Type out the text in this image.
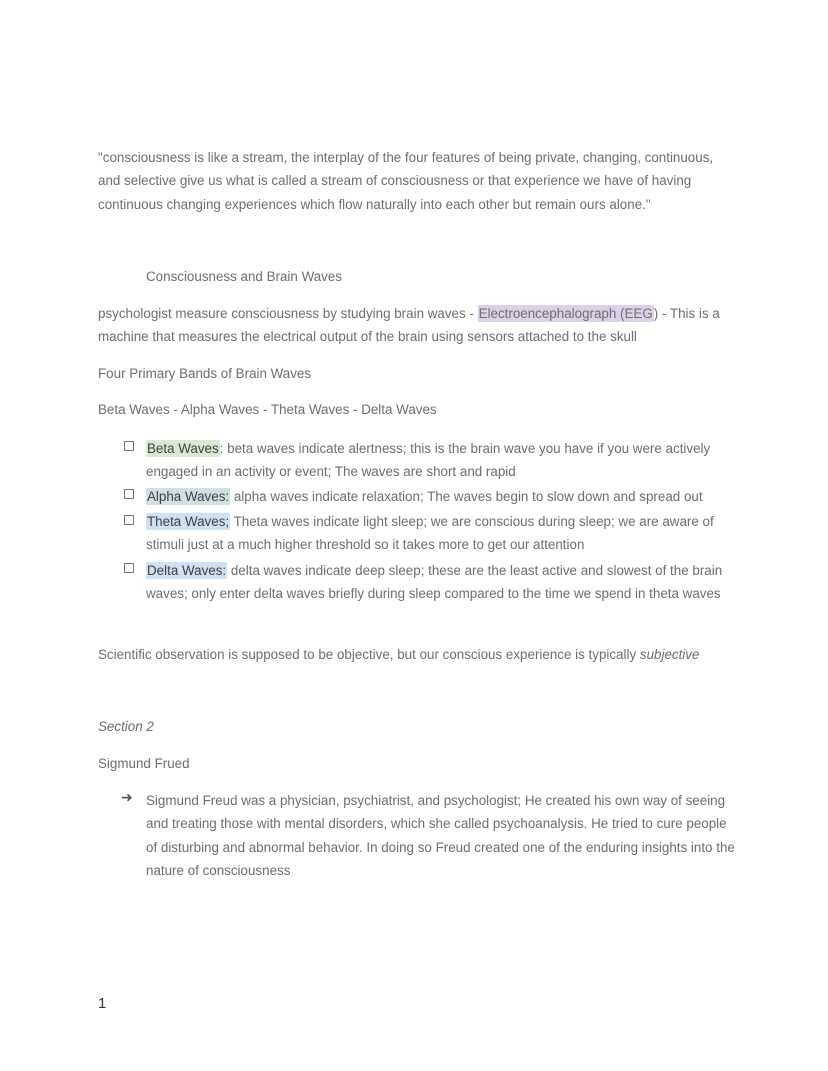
"consciousness is like a stream, the interplay of the four features of being private, changing, continuous, and selective give us what is called a stream of consciousness or that experience we have of having continuous changing experiences which flow naturally into each other but remain ours alone."

Consciousness and Brain Waves

psychologist measure consciousness by studying brain waves - Electroencephalograph (EEG) - This is a machine that measures the electrical output of the brain using sensors attached to the skull

Four Primary Bands of Brain Waves

Beta Waves - Alpha Waves - Theta Waves - Delta Waves

Beta Waves: beta waves indicate alertness; this is the brain wave you have if you were actively engaged in an activity or event; The waves are short and rapid

Alpha Waves: alpha waves indicate relaxation; The waves begin to slow down and spread out

Theta Waves; Theta waves indicate light sleep; we are conscious during sleep; we are aware of stimuli just at a much higher threshold so it takes more to get our attention

Delta Waves: delta waves indicate deep sleep; these are the least active and slowest of the brain waves; only enter delta waves briefly during sleep compared to the time we spend in theta waves

Scientific observation is supposed to be objective, but our conscious experience is typically subjective

Section 2

Sigmund Frued

➜ Sigmund Freud was a physician, psychiatrist, and psychologist; He created his own way of seeing and treating those with mental disorders, which she called psychoanalysis. He tried to cure people of disturbing and abnormal behavior. In doing so Freud created one of the enduring insights into the nature of consciousness

1
